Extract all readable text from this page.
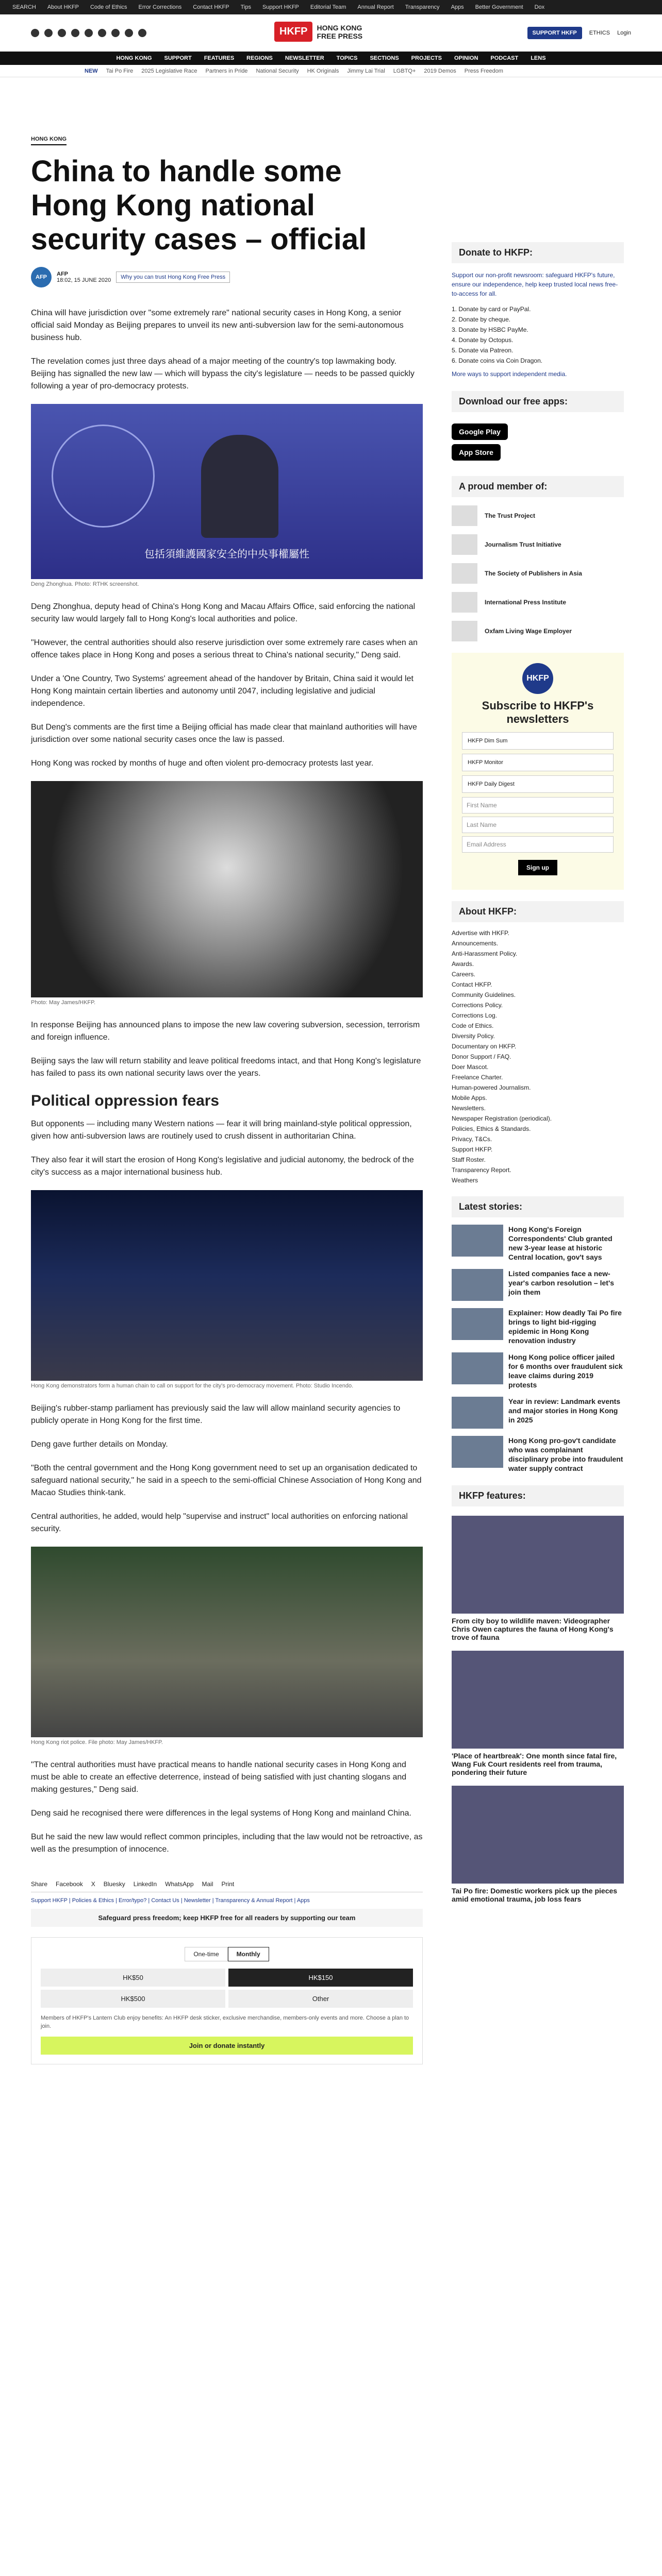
SEARCH About HKFP Code of Ethics Error Corrections Contact HKFP Tips Support HKFP Editorial Team Annual Report Transparency Apps Better Government Dox
HKFP	HONG KONG
FREE PRESS	SUPPORT HKFP	ETHICS Login
HONG KONG SUPPORT FEATURES REGIONS NEWSLETTER TOPICS SECTIONS PROJECTS OPINION PODCAST LENS
NEW Tai Po Fire 2025 Legislative Race Partners in Pride National Security HK Originals Jimmy Lai Trial LGBTQ+ 2019 Demos Press Freedom
HONG KONG
China to handle some Hong Kong national security cases – official
AFP	AFP
18:02, 15 JUNE 2020	Why you can trust Hong Kong Free Press

China will have jurisdiction over "some extremely rare" national security cases in Hong Kong, a senior official said Monday as Beijing prepares to unveil its new anti-subversion law for the semi-autonomous business hub.

The revelation comes just three days ahead of a major meeting of the country's top lawmaking body. Beijing has signalled the new law — which will bypass the city's legislature — needs to be passed quickly following a year of pro-democracy protests.

包括須維護國家安全的中央事權屬性
Deng Zhonghua. Photo: RTHK screenshot.

Deng Zhonghua, deputy head of China's Hong Kong and Macau Affairs Office, said enforcing the national security law would largely fall to Hong Kong's local authorities and police.

"However, the central authorities should also reserve jurisdiction over some extremely rare cases when an offence takes place in Hong Kong and poses a serious threat to China's national security," Deng said.

Under a 'One Country, Two Systems' agreement ahead of the handover by Britain, China said it would let Hong Kong maintain certain liberties and autonomy until 2047, including legislative and judicial independence.

But Deng's comments are the first time a Beijing official has made clear that mainland authorities will have jurisdiction over some national security cases once the law is passed.

Hong Kong was rocked by months of huge and often violent pro-democracy protests last year.

Photo: May James/HKFP.

In response Beijing has announced plans to impose the new law covering subversion, secession, terrorism and foreign influence.

Beijing says the law will return stability and leave political freedoms intact, and that Hong Kong's legislature has failed to pass its own national security laws over the years.

Political oppression fears

But opponents — including many Western nations — fear it will bring mainland-style political oppression, given how anti-subversion laws are routinely used to crush dissent in authoritarian China.

They also fear it will start the erosion of Hong Kong's legislative and judicial autonomy, the bedrock of the city's success as a major international business hub.

Hong Kong demonstrators form a human chain to call on support for the city's pro-democracy movement. Photo: Studio Incendo.

Beijing's rubber-stamp parliament has previously said the law will allow mainland security agencies to publicly operate in Hong Kong for the first time.

Deng gave further details on Monday.

"Both the central government and the Hong Kong government need to set up an organisation dedicated to safeguard national security," he said in a speech to the semi-official Chinese Association of Hong Kong and Macao Studies think-tank.

Central authorities, he added, would help "supervise and instruct" local authorities on enforcing national security.

Hong Kong riot police. File photo: May James/HKFP.

"The central authorities must have practical means to handle national security cases in Hong Kong and must be able to create an effective deterrence, instead of being satisfied with just chanting slogans and making gestures," Deng said.

Deng said he recognised there were differences in the legal systems of Hong Kong and mainland China.

But he said the new law would reflect common principles, including that the law would not be retroactive, as well as the presumption of innocence.

Share Facebook X Bluesky LinkedIn WhatsApp Mail Print
Support HKFP | Policies & Ethics | Error/typo? | Contact Us | Newsletter | Transparency & Annual Report | Apps
Safeguard press freedom; keep HKFP free for all readers by supporting our team
One-time	Monthly
HK$50	HK$150
HK$500	Other

Members of HKFP's Lantern Club enjoy benefits: An HKFP desk sticker, exclusive merchandise, members-only events and more. Choose a plan to join.

Join or donate instantly
Donate to HKFP:

Support our non-profit newsroom: safeguard HKFP's future, ensure our independence, help keep trusted local news free-to-access for all.

1. Donate by card or PayPal.
2. Donate by cheque.
3. Donate by HSBC PayMe.
4. Donate by Octopus.
5. Donate via Patreon.
6. Donate coins via Coin Dragon.

More ways to support independent media.

Download our free apps:
Google Play
App Store
A proud member of:
The Trust Project
Journalism Trust Initiative
The Society of Publishers in Asia
International Press Institute
Oxfam Living Wage Employer
HKFP
Subscribe to HKFP's newsletters
HKFP Dim Sum
HKFP Monitor
HKFP Daily Digest
First Name
Last Name
Email Address
Sign up
About HKFP:
Advertise with HKFP.
Announcements.
Anti-Harassment Policy.
Awards.
Careers.
Contact HKFP.
Community Guidelines.
Corrections Policy.
Corrections Log.
Code of Ethics.
Diversity Policy.
Documentary on HKFP.
Donor Support / FAQ.
Doer Mascot.
Freelance Charter.
Human-powered Journalism.
Mobile Apps.
Newsletters.
Newspaper Registration (periodical).
Policies, Ethics & Standards.
Privacy, T&Cs.
Support HKFP.
Staff Roster.
Transparency Report.
Weathers
Latest stories:
Hong Kong's Foreign Correspondents' Club granted new 3-year lease at historic Central location, gov't says
Listed companies face a new-year's carbon resolution – let's join them
Explainer: How deadly Tai Po fire brings to light bid-rigging epidemic in Hong Kong renovation industry
Hong Kong police officer jailed for 6 months over fraudulent sick leave claims during 2019 protests
Year in review: Landmark events and major stories in Hong Kong in 2025
Hong Kong pro-gov't candidate who was complainant disciplinary probe into fraudulent water supply contract
HKFP features:
From city boy to wildlife maven: Videographer Chris Owen captures the fauna of Hong Kong's trove of fauna
'Place of heartbreak': One month since fatal fire, Wang Fuk Court residents reel from trauma, pondering their future
Tai Po fire: Domestic workers pick up the pieces amid emotional trauma, job loss fears
